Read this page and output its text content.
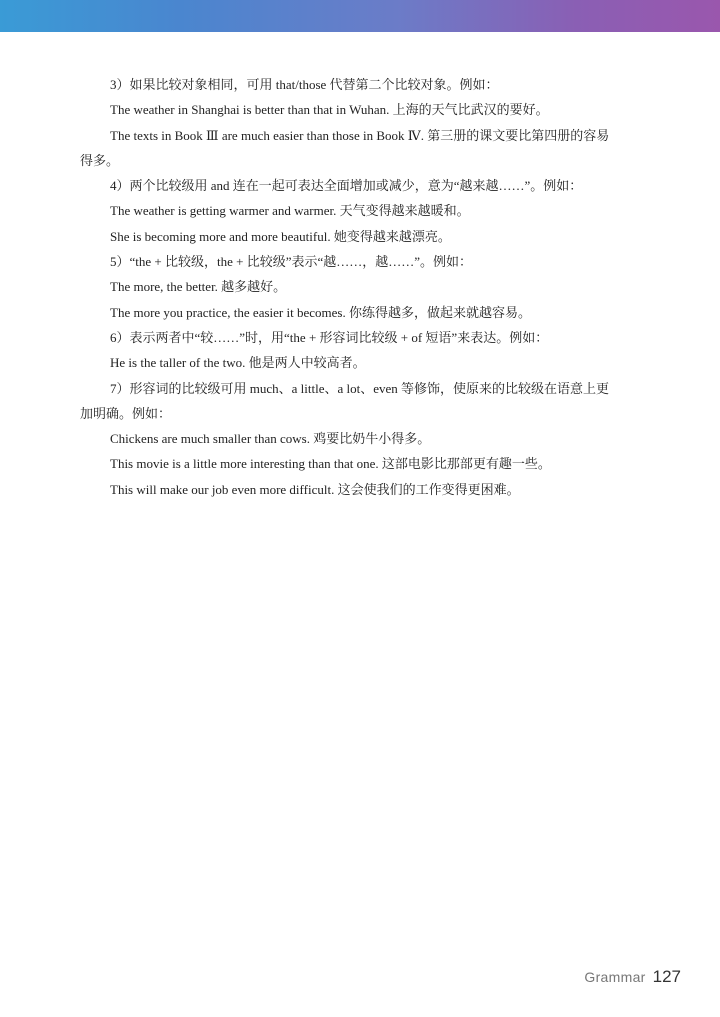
3）如果比较对象相同，可用 that/those 代替第二个比较对象。例如：
The weather in Shanghai is better than that in Wuhan. 上海的天气比武汉的要好。
The texts in Book Ⅲ are much easier than those in Book Ⅳ. 第三册的课文要比第四册的容易
得多。
4）两个比较级用 and 连在一起可表达全面增加或减少，意为“越来越……”。例如：
The weather is getting warmer and warmer. 天气变得越来越暖和。
She is becoming more and more beautiful. 她变得越来越漂亮。
5）“the + 比较级，the + 比较级”表示“越……，越……”。例如：
The more, the better. 越多越好。
The more you practice, the easier it becomes. 你练得越多，做起来就越容易。
6）表示两者中“较……”时，用“the + 形容词比较级 + of 短语”来表达。例如：
He is the taller of the two. 他是两人中较高者。
7）形容词的比较级可用 much、a little、a lot、even 等修饰，使原来的比较级在语意上更
加明确。例如：
Chickens are much smaller than cows. 鸡要比奶牛小得多。
This movie is a little more interesting than that one. 这部电影比那部更有趣一些。
This will make our job even more difficult. 这会使我们的工作变得更困难。
Grammar 127
